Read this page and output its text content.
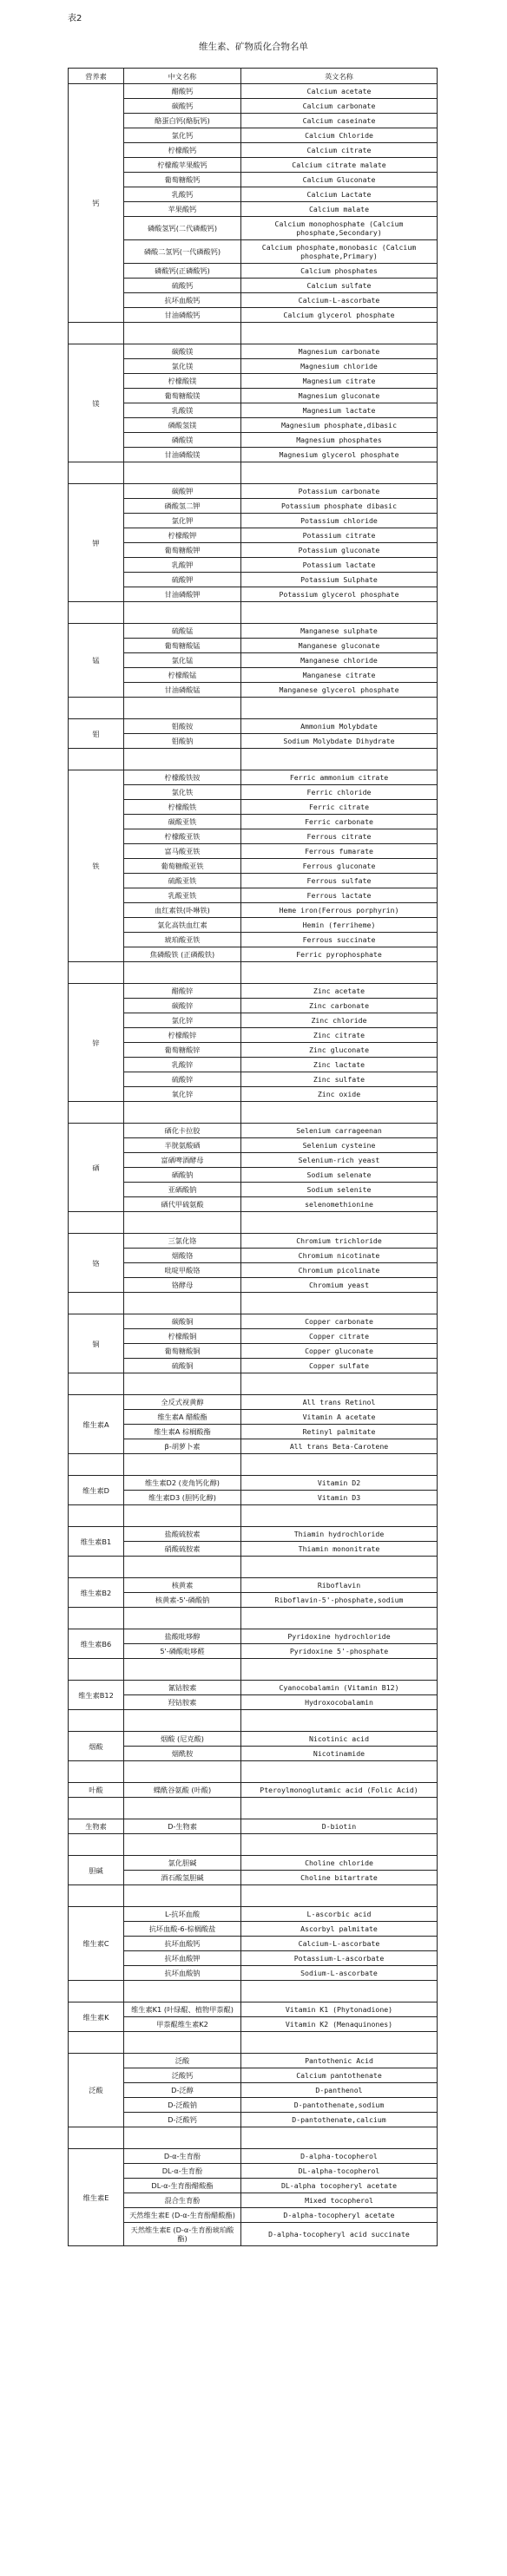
表2
维生素、矿物质化合物名单
营养素	中文名称	英文名称
钙	醋酸钙	Calcium acetate
	碳酸钙	Calcium carbonate
	酪蛋白钙(酪朊钙)	Calcium caseinate
	氯化钙	Calcium Chloride
	柠檬酸钙	Calcium citrate
	柠檬酸苹果酸钙	Calcium citrate malate
	葡萄糖酸钙	Calcium Gluconate
	乳酸钙	Calcium Lactate
	苹果酸钙	Calcium malate
	磷酸氢钙(二代磷酸钙)	Calcium monophosphate (Calcium phosphate,Secondary)
	磷酸二氢钙(一代磷酸钙)	Calcium phosphate,monobasic (Calcium phosphate,Primary)
	磷酸钙(正磷酸钙)	Calcium phosphates
	硫酸钙	Calcium sulfate
	抗坏血酸钙	Calcium-L-ascorbate
	甘油磷酸钙	Calcium glycerol phosphate

镁	碳酸镁	Magnesium carbonate
	氯化镁	Magnesium chloride
	柠檬酸镁	Magnesium citrate
	葡萄糖酸镁	Magnesium gluconate
	乳酸镁	Magnesium lactate
	磷酸氢镁	Magnesium phosphate,dibasic
	磷酸镁	Magnesium phosphates
	甘油磷酸镁	Magnesium glycerol phosphate

钾	碳酸钾	Potassium carbonate
	磷酸氢二钾	Potassium phosphate dibasic
	氯化钾	Potassium chloride
	柠檬酸钾	Potassium citrate
	葡萄糖酸钾	Potassium gluconate
	乳酸钾	Potassium lactate
	硫酸钾	Potassium Sulphate
	甘油磷酸钾	Potassium glycerol phosphate

锰	硫酸锰	Manganese sulphate
	葡萄糖酸锰	Manganese gluconate
	氯化锰	Manganese chloride
	柠檬酸锰	Manganese citrate
	甘油磷酸锰	Manganese glycerol phosphate

钼	钼酸铵	Ammonium Molybdate
	钼酸钠	Sodium Molybdate Dihydrate

铁	柠檬酸铁铵	Ferric ammonium citrate
	氯化铁	Ferric chloride
	柠檬酸铁	Ferric citrate
	碳酸亚铁	Ferric carbonate
	柠檬酸亚铁	Ferrous citrate
	富马酸亚铁	Ferrous fumarate
	葡萄糖酸亚铁	Ferrous gluconate
	硫酸亚铁	Ferrous sulfate
	乳酸亚铁	Ferrous lactate
	血红素铁(卟啉铁)	Heme iron(Ferrous porphyrin)
	氯化高铁血红素	Hemin (ferriheme)
	琥珀酸亚铁	Ferrous succinate
	焦磷酸铁 (正磷酸铁)	Ferric pyrophosphate

锌	醋酸锌	Zinc acetate
	碳酸锌	Zinc carbonate
	氯化锌	Zinc chloride
	柠檬酸锌	Zinc citrate
	葡萄糖酸锌	Zinc gluconate
	乳酸锌	Zinc lactate
	硫酸锌	Zinc sulfate
	氧化锌	Zinc oxide

硒	硒化卡拉胶	Selenium carrageenan
	半胱氨酸硒	Selenium cysteine
	富硒啤酒酵母	Selenium-rich yeast
	硒酸钠	Sodium selenate
	亚硒酸钠	Sodium selenite
	硒代甲硫氨酸	selenomethionine

铬	三氯化铬	Chromium trichloride
	烟酸铬	Chromium nicotinate
	吡啶甲酸铬	Chromium picolinate
	铬酵母	Chromium yeast

铜	碳酸铜	Copper carbonate
	柠檬酸铜	Copper citrate
	葡萄糖酸铜	Copper gluconate
	硫酸铜	Copper sulfate

维生素A	全反式视黄醇	All trans Retinol
	维生素A 醋酸酯	Vitamin A acetate
	维生素A 棕榈酸酯	Retinyl palmitate
	β-胡萝卜素	All trans Beta-Carotene

维生素D	维生素D2 (麦角钙化醇)	Vitamin D2
	维生素D3 (胆钙化醇)	Vitamin D3

维生素B1	盐酸硫胺素	Thiamin hydrochloride
	硝酸硫胺素	Thiamin mononitrate

维生素B2	核黄素	Riboflavin
	核黄素-5'-磷酸钠	Riboflavin-5'-phosphate,sodium

维生素B6	盐酸吡哆醇	Pyridoxine hydrochloride
	5'-磷酸吡哆醛	Pyridoxine 5'-phosphate

维生素B12	氰钴胺素	Cyanocobalamin (Vitamin B12)
	羟钴胺素	Hydroxocobalamin

烟酸	烟酸 (尼克酸)	Nicotinic acid
	烟酰胺	Nicotinamide

叶酸	蝶酰谷氨酸 (叶酸)	Pteroylmonoglutamic acid (Folic Acid)

生物素	D-生物素	D-biotin

胆碱	氯化胆碱	Choline chloride
	酒石酸氢胆碱	Choline bitartrate

维生素C	L-抗坏血酸	L-ascorbic acid
	抗坏血酸-6-棕榈酸盐	Ascorbyl palmitate
	抗坏血酸钙	Calcium-L-ascorbate
	抗坏血酸钾	Potassium-L-ascorbate
	抗坏血酸钠	Sodium-L-ascorbate

维生素K	维生素K1 (叶绿醌、植物甲萘醌)	Vitamin K1 (Phytonadione)
	甲萘醌维生素K2	Vitamin K2 (Menaquinones)

泛酸	泛酸	Pantothenic Acid
	泛酸钙	Calcium pantothenate
	D-泛醇	D-panthenol
	D-泛酸钠	D-pantothenate,sodium
	D-泛酸钙	D-pantothenate,calcium

维生素E	D-α-生育酚	D-alpha-tocopherol
	DL-α-生育酚	DL-alpha-tocopherol
	DL-α-生育酚醋酸酯	DL-alpha tocopheryl acetate
	混合生育酚	Mixed tocopherol
	天然维生素E (D-α-生育酚醋酸酯)	D-alpha-tocopheryl acetate
	天然维生素E (D-α-生育酚琥珀酸酯)	D-alpha-tocopheryl acid succinate
